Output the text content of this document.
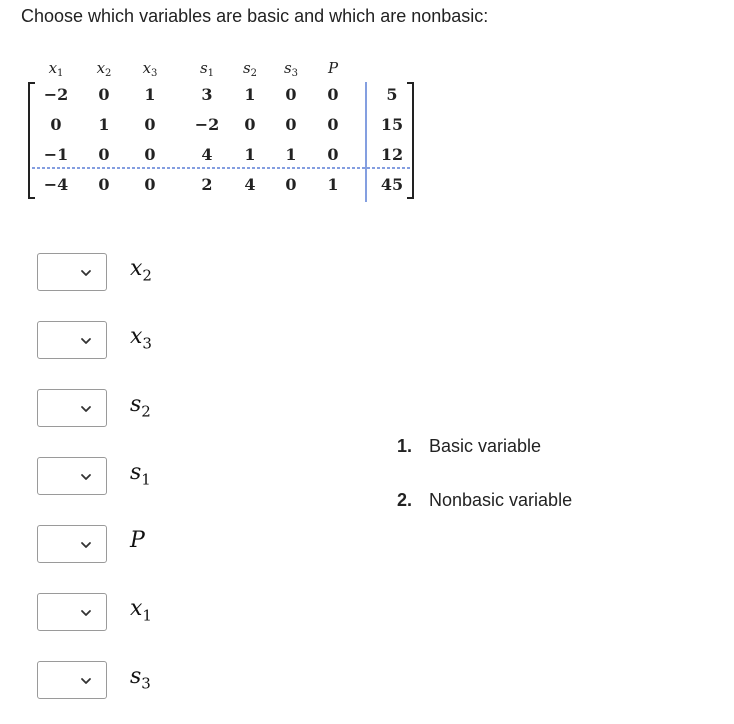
Choose which variables are basic and which are nonbasic:
$x_1$ $x_2$ $x_3$	$s_1$ $s_2$ $s_3$ P
−2 0 1	3 1 0 0	5
0 1 0 −2 0 0 0	15
−1 0 0	4 1 1 0	12
−4 0 0	2 4 0 1	45
$x_2$
$x_3$
$s_2$
$s_1$
P
$x_1$
$s_3$
1. Basic variable
2. Nonbasic variable
